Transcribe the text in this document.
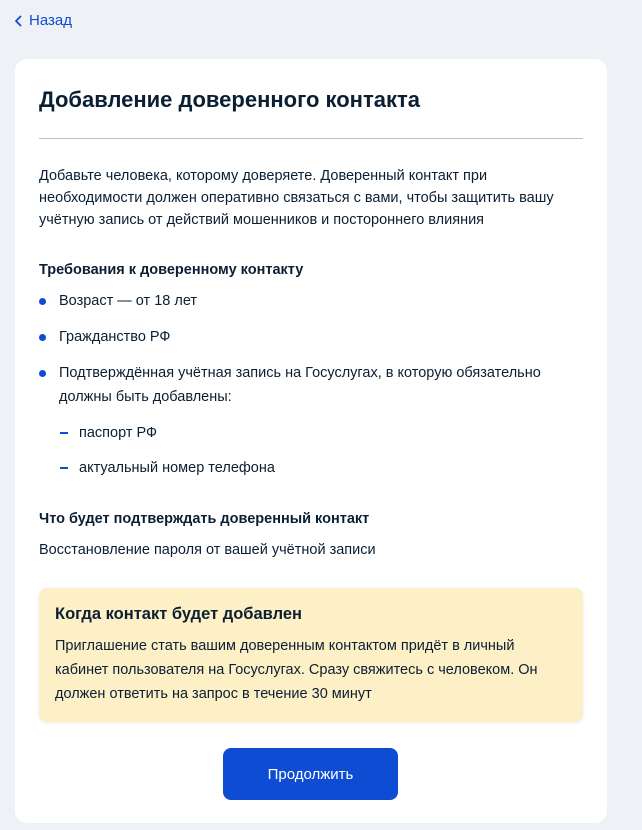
Назад
Добавление доверенного контакта

Добавьте человека, которому доверяете. Доверенный контакт при необходимости должен оперативно связаться с вами, чтобы защитить вашу учётную запись от действий мошенников и постороннего влияния

Требования к доверенному контакту
Возраст — от 18 лет
Гражданство РФ
Подтверждённая учётная запись на Госуслугах, в которую обязательно должны быть добавлены:
паспорт РФ
актуальный номер телефона
Что будет подтверждать доверенный контакт

Восстановление пароля от вашей учётной записи

Когда контакт будет добавлен

Приглашение стать вашим доверенным контактом придёт в личный кабинет пользователя на Госуслугах. Сразу свяжитесь с человеком. Он должен ответить на запрос в течение 30 минут

Продолжить
